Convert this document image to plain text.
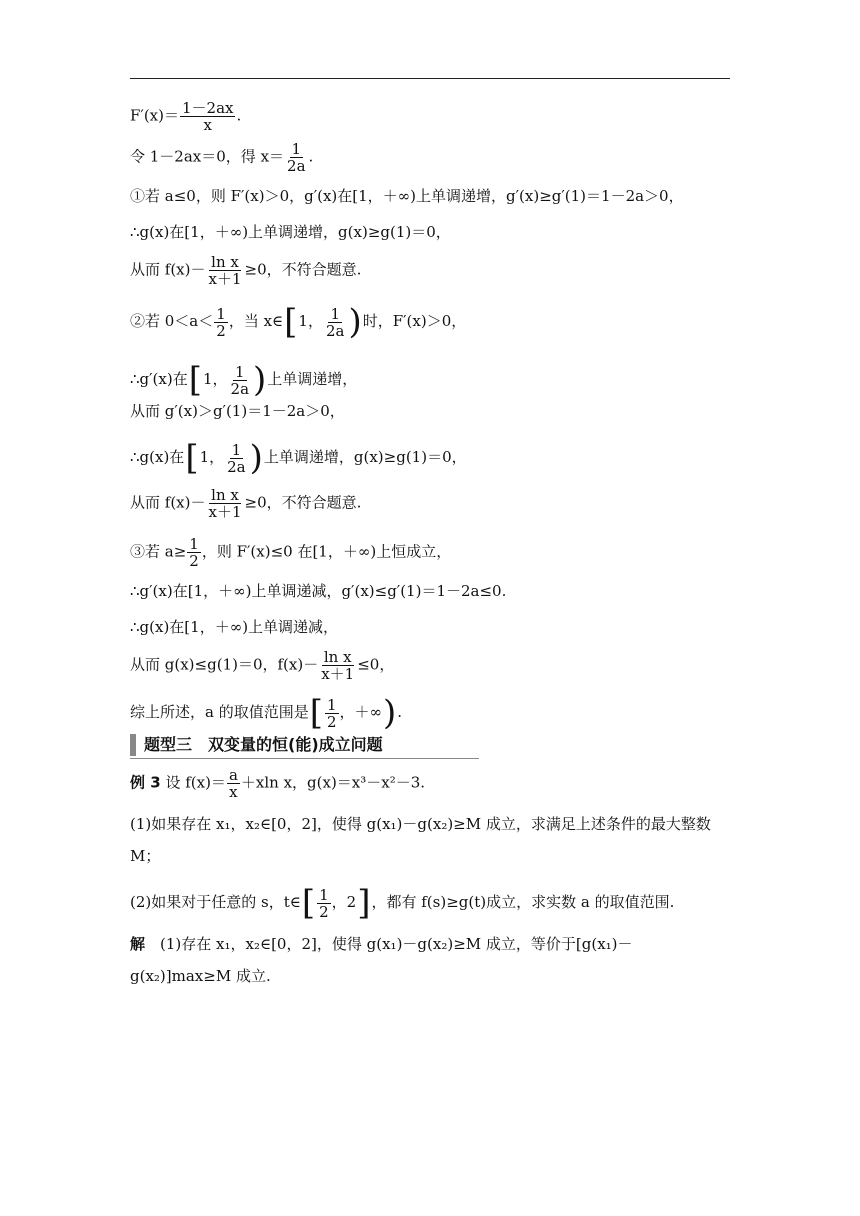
$F'(x)= \frac{1-2ax}{x}$ .
令 1－2ax＝0，得 $x= \frac{1}{2a}$ .
①若 a≤0，则 F′(x)＞0，g′(x)在[1，＋∞)上单调递增，g′(x)≥g′(1)＝1－2a＞0，
∴g(x)在[1，＋∞)上单调递增，g(x)≥g(1)＝0，
从而 $f(x)- \frac{\text{ln x}}{x+1} \ge 0$，不符合题意.
②若 $0<a< \frac{1}{2}$ ，当 x∈[1， $\frac{1}{2a}$ )时，F′(x)＞0，
∴g′(x)在[1， $\frac{1}{2a}$ )上单调递增，
从而 g′(x)＞g′(1)＝1－2a＞0，
∴g(x)在[1， $\frac{1}{2a}$ )上单调递增，g(x)≥g(1)＝0，
从而 $f(x)- \frac{\text{ln x}}{x+1} \ge 0$，不符合题意.
③若 $a\ge \frac{1}{2}$ ，则 F′(x)≤0 在[1，＋∞)上恒成立，
∴g′(x)在[1，＋∞)上单调递减，g′(x)≤g′(1)＝1－2a≤0.
∴g(x)在[1，＋∞)上单调递减，
从而 g(x)≤g(1)＝0，$f(x)- \frac{\text{ln x}}{x+1} \le 0$，
综上所述，a 的取值范围是[ $\frac{1}{2}$ ，＋∞).
题型三　双变量的恒(能)成立问题
例 3 设 $f(x)= \frac{a}{x} +xln$ x，g(x)＝x³－x²－3.
(1)如果存在 x₁，x₂∈[0，2]，使得 g(x₁)－g(x₂)≥M 成立，求满足上述条件的最大整数 M；
(2)如果对于任意的 s，t∈[ $\frac{1}{2}$ ，2]，都有 f(s)≥g(t)成立，求实数 a 的取值范围.
解　(1)存在 x₁，x₂∈[0，2]，使得 g(x₁)－g(x₂)≥M 成立，等价于[g(x₁)－g(x₂)]max≥M 成立.
